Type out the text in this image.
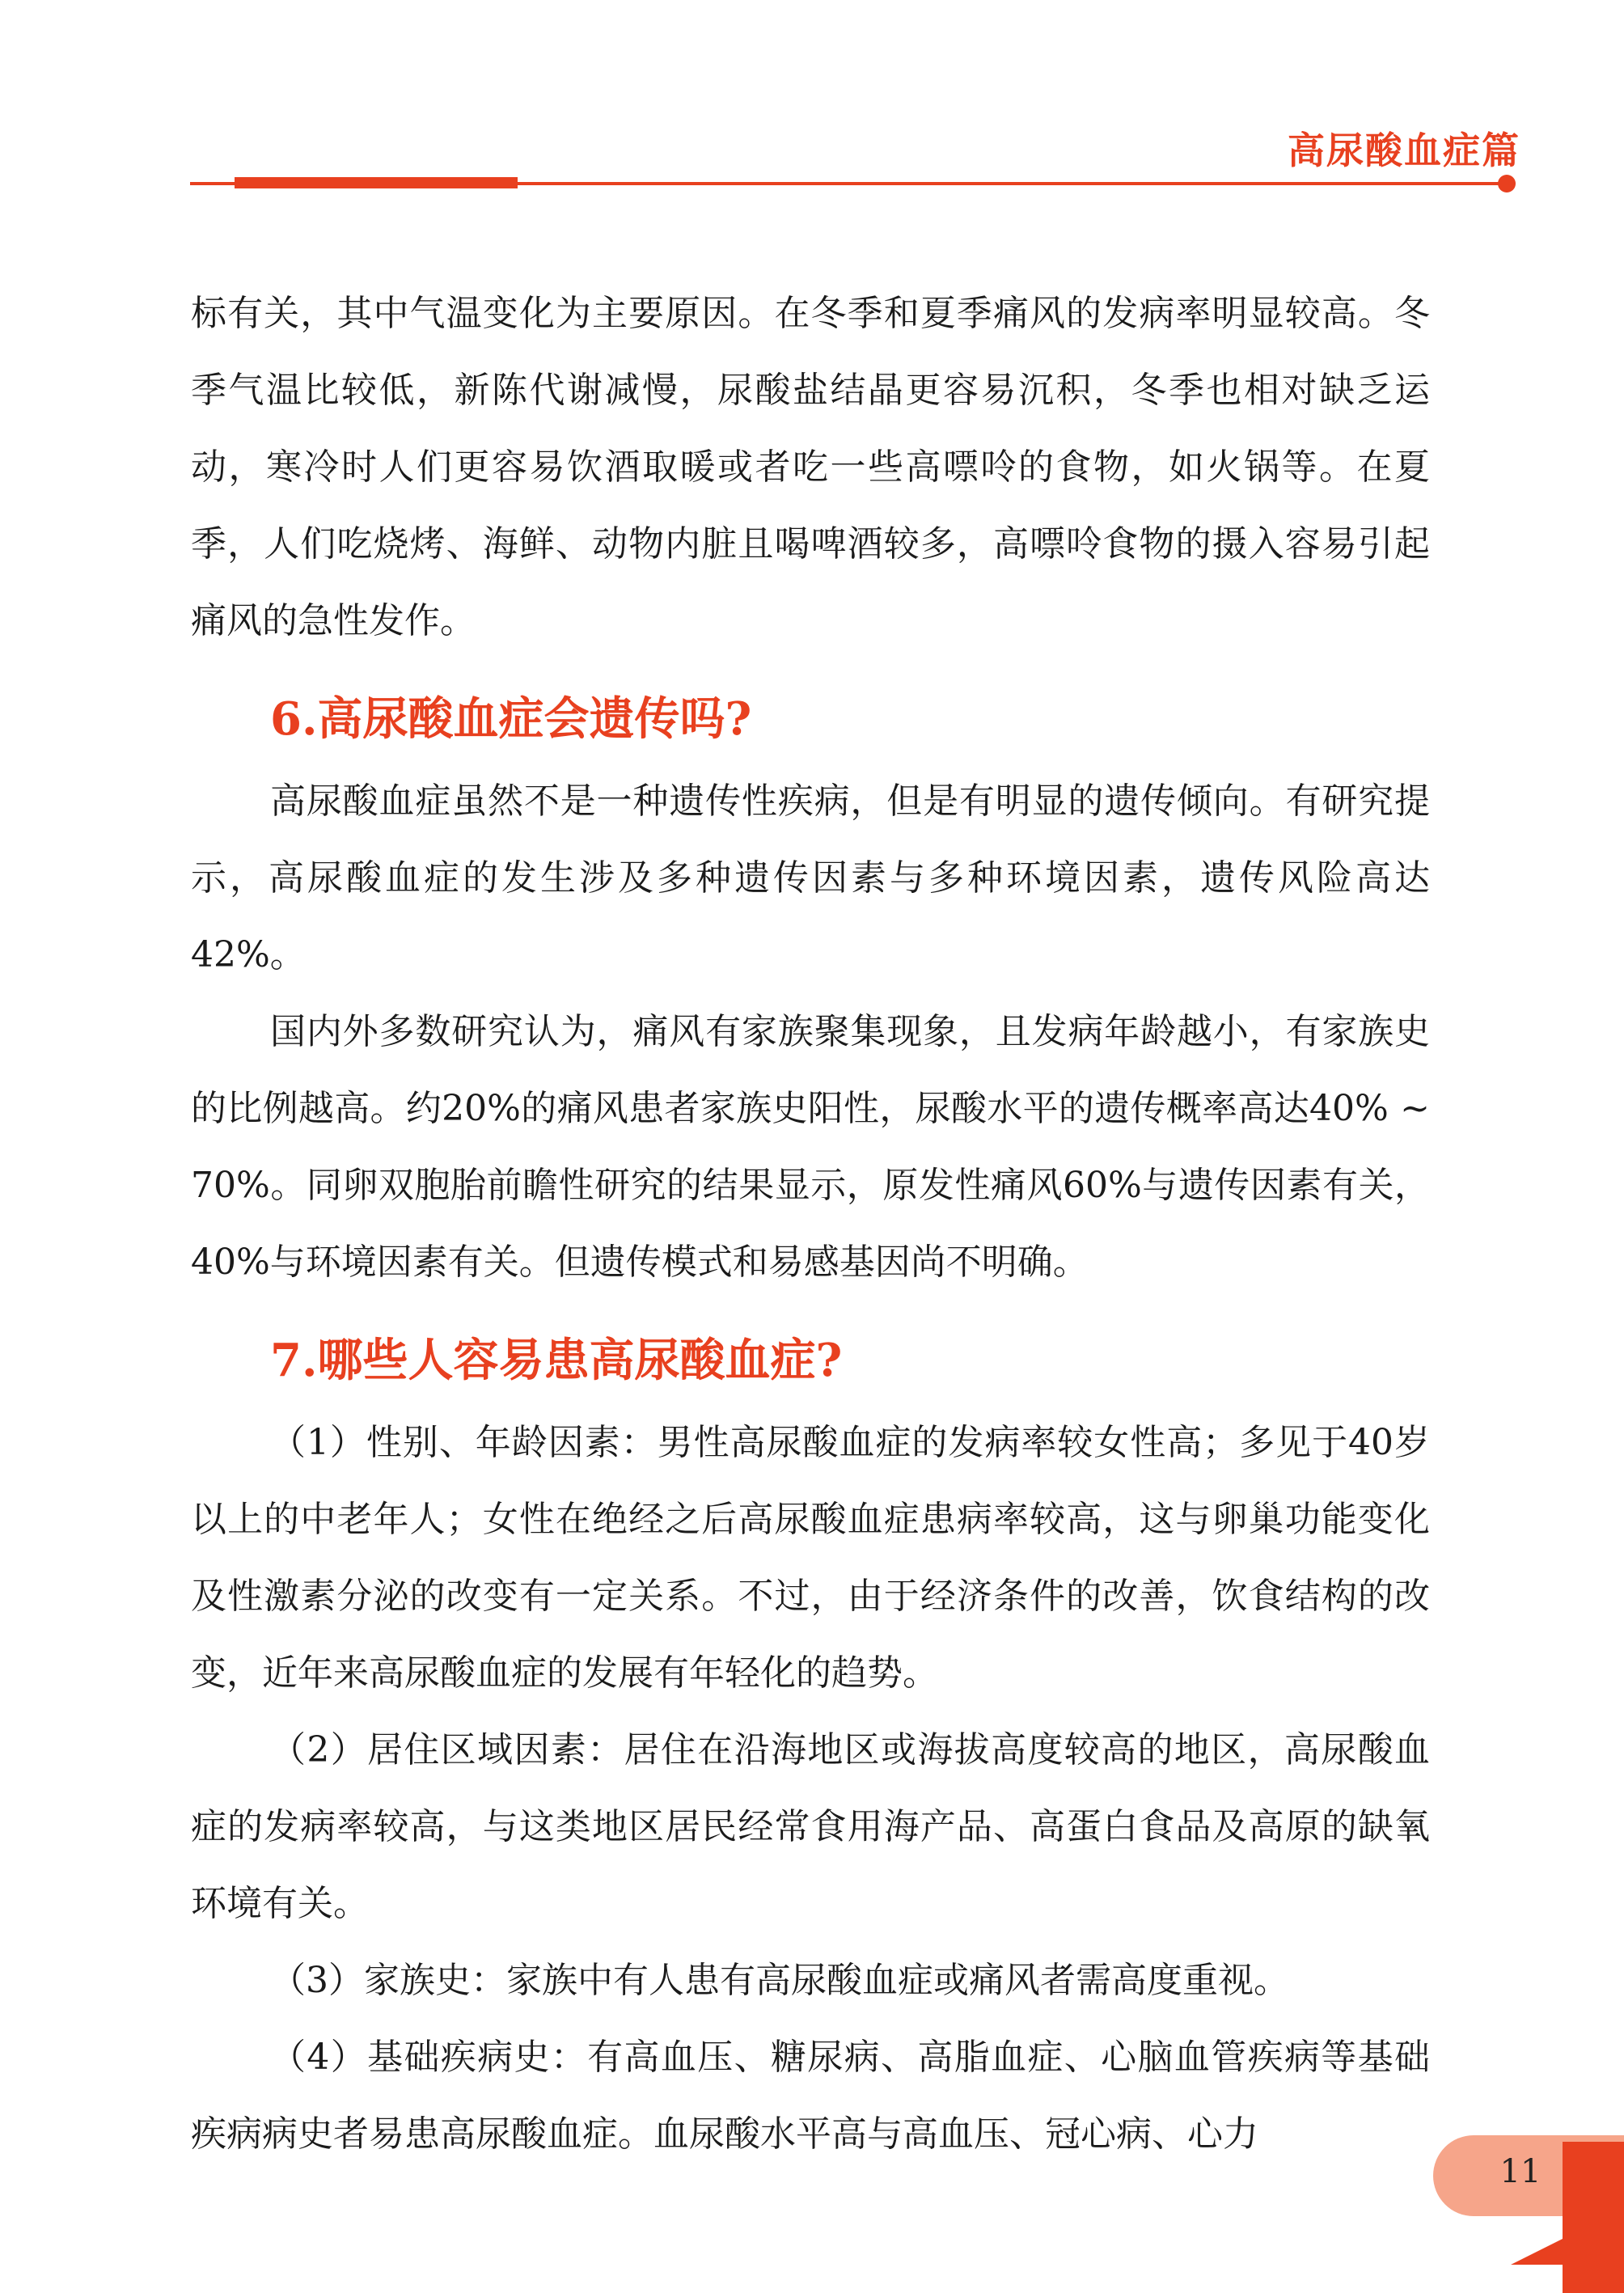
高尿酸血症篇

标有关，其中气温变化为主要原因。在冬季和夏季痛风的发病率明显较高。冬季气温比较低，新陈代谢减慢，尿酸盐结晶更容易沉积，冬季也相对缺乏运动，寒冷时人们更容易饮酒取暖或者吃一些高嘌呤的食物，如火锅等。在夏季，人们吃烧烤、海鲜、动物内脏且喝啤酒较多，高嘌呤食物的摄入容易引起痛风的急性发作。

6.高尿酸血症会遗传吗?

高尿酸血症虽然不是一种遗传性疾病，但是有明显的遗传倾向。有研究提示，高尿酸血症的发生涉及多种遗传因素与多种环境因素，遗传风险高达42%。

国内外多数研究认为，痛风有家族聚集现象，且发病年龄越小，有家族史的比例越高。约20%的痛风患者家族史阳性，尿酸水平的遗传概率高达40% ~ 70%。同卵双胞胎前瞻性研究的结果显示，原发性痛风60%与遗传因素有关，40%与环境因素有关。但遗传模式和易感基因尚不明确。

7.哪些人容易患高尿酸血症?

（1）性别、年龄因素：男性高尿酸血症的发病率较女性高；多见于40岁以上的中老年人；女性在绝经之后高尿酸血症患病率较高，这与卵巢功能变化及性激素分泌的改变有一定关系。不过，由于经济条件的改善，饮食结构的改变，近年来高尿酸血症的发展有年轻化的趋势。

（2）居住区域因素：居住在沿海地区或海拔高度较高的地区，高尿酸血症的发病率较高，与这类地区居民经常食用海产品、高蛋白食品及高原的缺氧环境有关。

（3）家族史：家族中有人患有高尿酸血症或痛风者需高度重视。

（4）基础疾病史：有高血压、糖尿病、高脂血症、心脑血管疾病等基础疾病病史者易患高尿酸血症。血尿酸水平高与高血压、冠心病、心力

11
